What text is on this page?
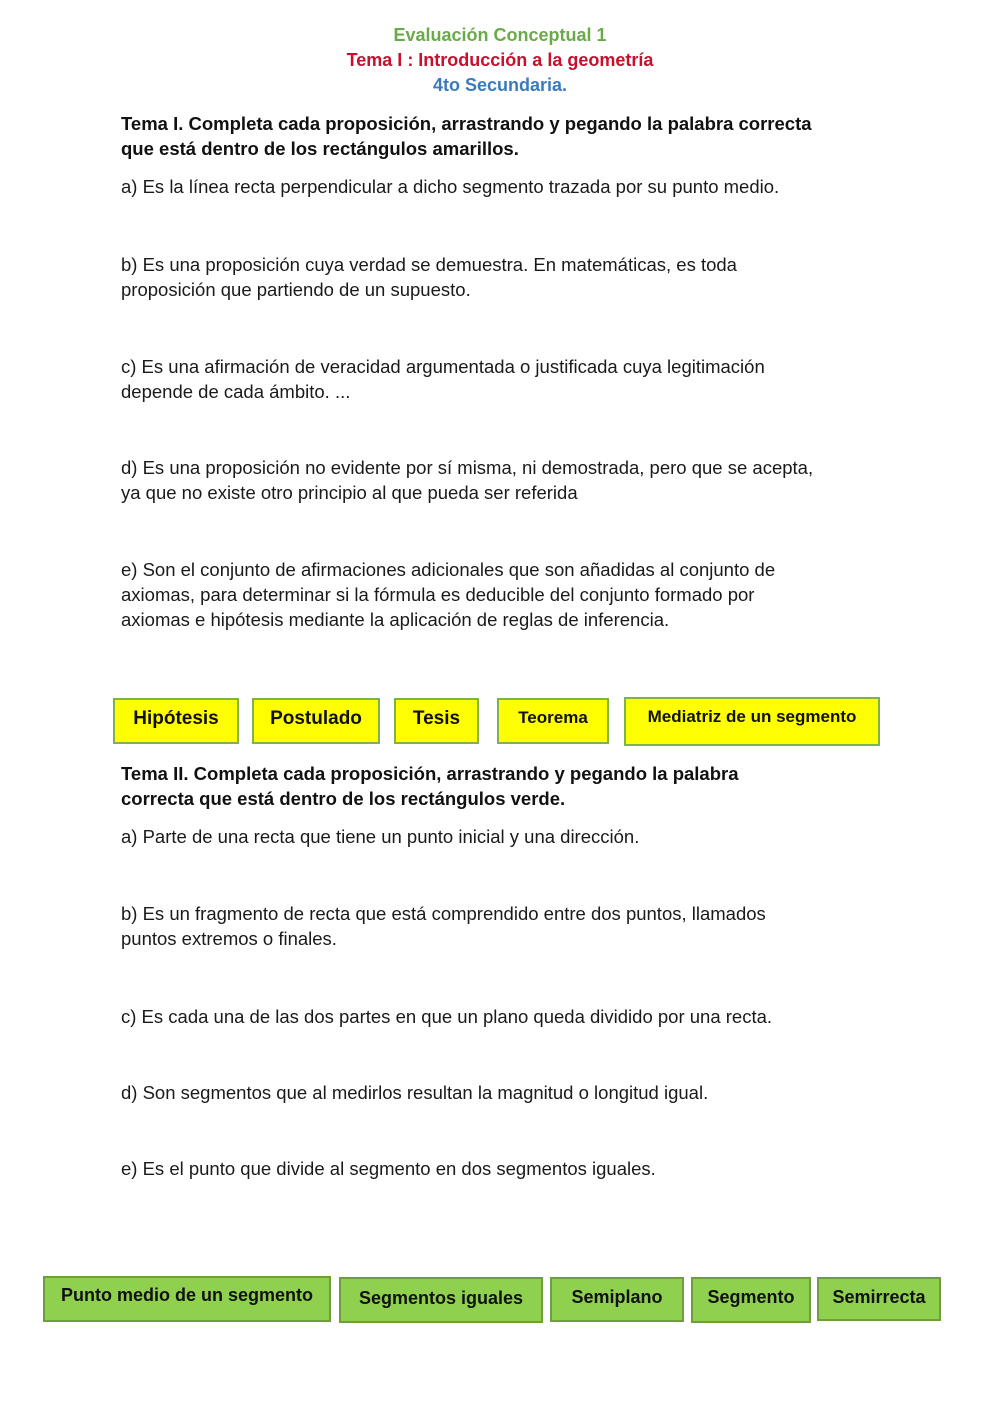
Evaluación Conceptual 1
Tema I : Introducción a la geometría
4to Secundaria.
Tema I. Completa cada proposición, arrastrando y pegando la palabra correcta
que está dentro de los rectángulos amarillos.
a) Es la línea recta perpendicular a dicho segmento trazada por su punto medio.
b) Es una proposición cuya verdad se demuestra. En matemáticas, es toda
proposición que partiendo de un supuesto.
c) Es una afirmación de veracidad argumentada o justificada cuya legitimación
depende de cada ámbito. ...
d) Es una proposición no evidente por sí misma, ni demostrada, pero que se acepta,
ya que no existe otro principio al que pueda ser referida
e) Son el conjunto de afirmaciones adicionales que son añadidas al conjunto de
axiomas, para determinar si la fórmula es deducible del conjunto formado por
axiomas e hipótesis mediante la aplicación de reglas de inferencia.
Hipótesis	Postulado	Tesis	Teorema	Mediatriz de un segmento
Tema II. Completa cada proposición, arrastrando y pegando la palabra
correcta que está dentro de los rectángulos verde.
a) Parte de una recta que tiene un punto inicial y una dirección.
b) Es un fragmento de recta que está comprendido entre dos puntos, llamados
puntos extremos o finales.
c) Es cada una de las dos partes en que un plano queda dividido por una recta.
d) Son segmentos que al medirlos resultan la magnitud o longitud igual.
e) Es el punto que divide al segmento en dos segmentos iguales.
Punto medio de un segmento	Segmentos iguales	Semiplano	Segmento	Semirrecta
